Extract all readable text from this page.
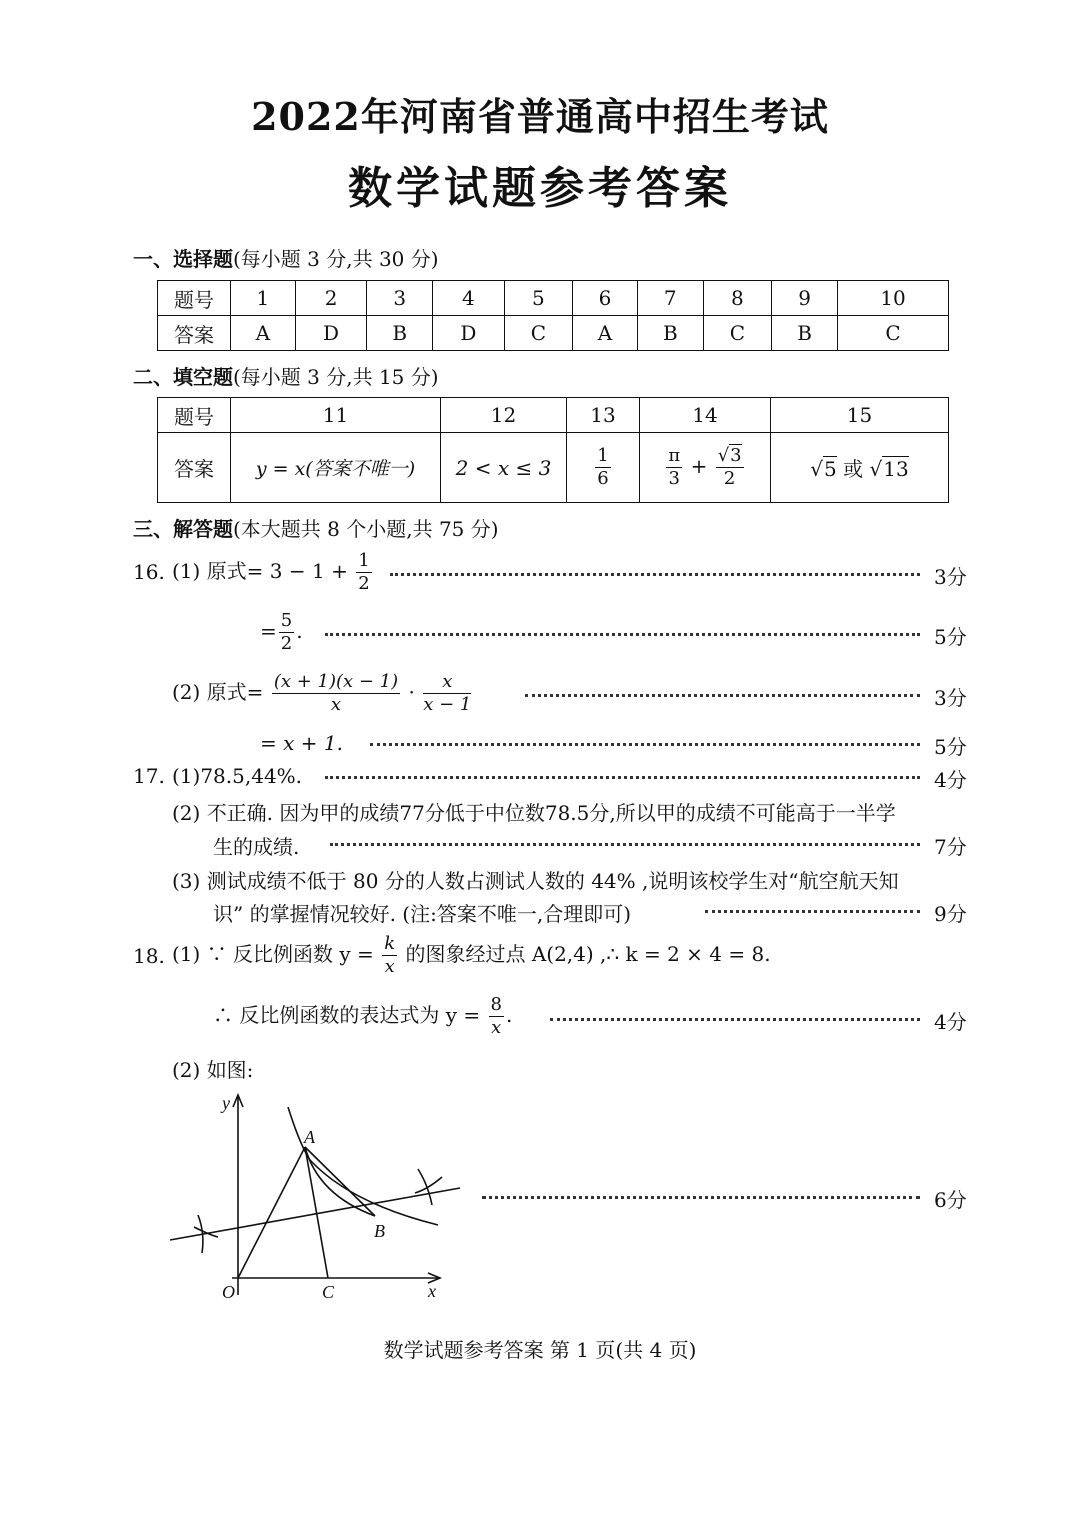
2022年河南省普通高中招生考试
数学试题参考答案
一、选择题(每小题 3 分,共 30 分)
题号	1	2	3	4	5	6	7	8	9	10
答案	A	D	B	D	C	A	B	C	B	C
二、填空题(每小题 3 分,共 15 分)
题号	11	12	13	14	15
答案	y = x(答案不唯一)	2 < x ≤ 3	$\frac{1}{6}$	$\frac{\pi}{3} + \frac{√3}{2}$	√5 或 √13
三、解答题(本大题共 8 个小题,共 75 分)
16. (1) 原式= $3 - 1 + \frac{1}{2}$	3分
= $\frac{5}{2}$ .	5分
(2) 原式= $\frac{(x + 1)(x - 1)}{x} \cdot \frac{x}{x - 1}$	3分
= x + 1.	5分
17. (1)78.5,44%.	4分
(2) 不正确. 因为甲的成绩77分低于中位数78.5分,所以甲的成绩不可能高于一半学
生的成绩.	7分
(3) 测试成绩不低于 80 分的人数占测试人数的 44% ,说明该校学生对“航空航天知
识” 的掌握情况较好. (注:答案不唯一,合理即可)	9分
18. (1) ∵ 反比例函数 $y = \frac{k}{x}$ 的图象经过点 A(2,4) ,∴ k = 2 × 4 = 8.
∴ 反比例函数的表达式为 $y = \frac{8}{x}$ .	4分
(2) 如图:
y
x
O
A
B
C
6分
数学试题参考答案 第 1 页(共 4 页)
